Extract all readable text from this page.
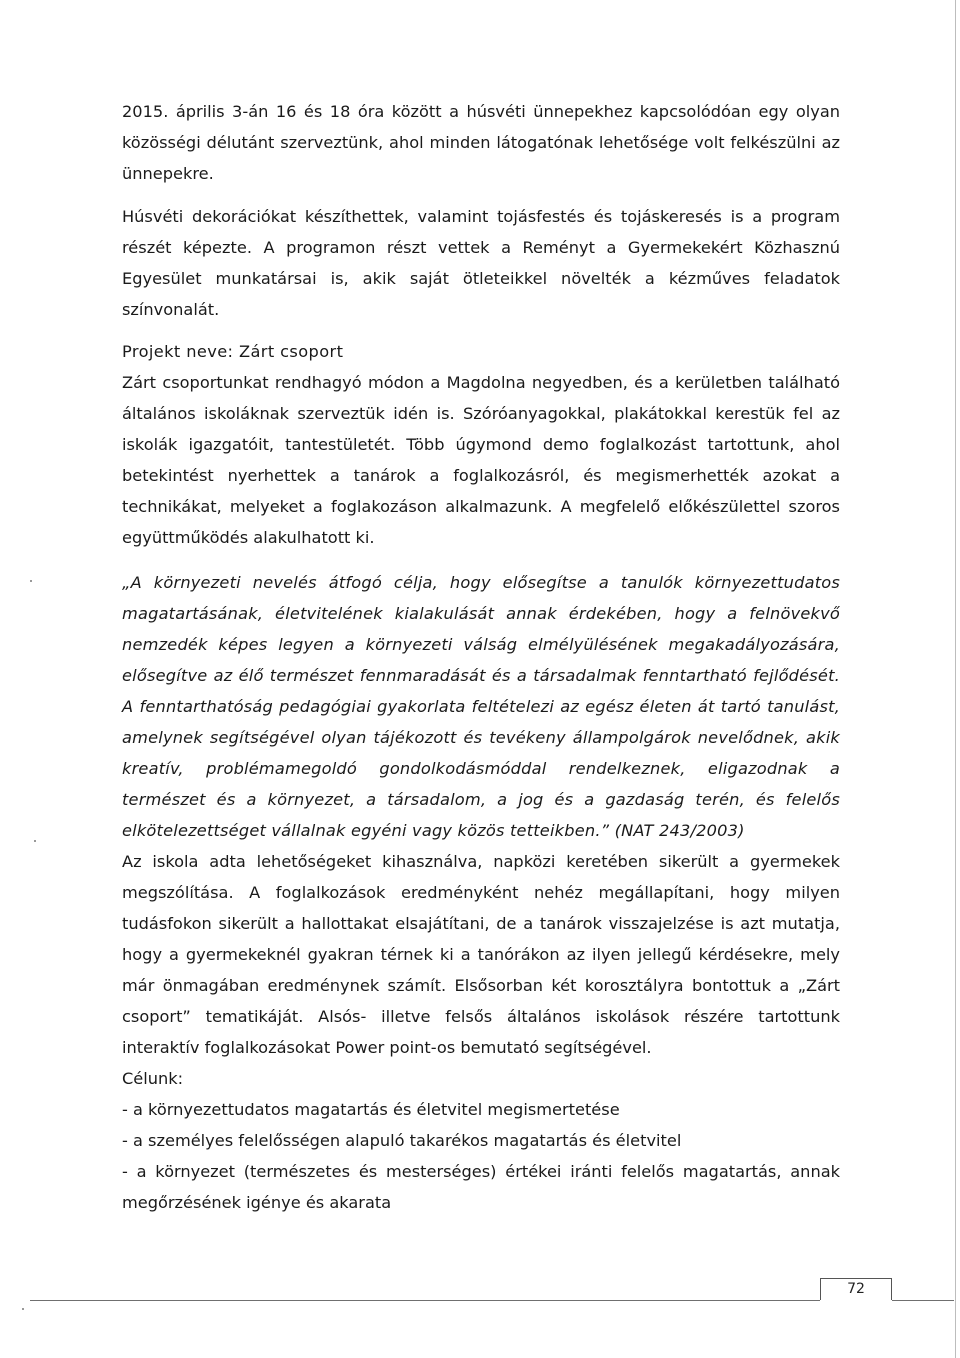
2015. április 3-án 16 és 18 óra között a húsvéti ünnepekhez kapcsolódóan egy olyan közösségi délutánt szerveztünk, ahol minden látogatónak lehetősége volt felkészülni az ünnepekre.

Húsvéti dekorációkat készíthettek, valamint tojásfestés és tojáskeresés is a program részét képezte. A programon részt vettek a Reményt a Gyermekekért Közhasznú Egyesület munkatársai is, akik saját ötleteikkel növelték a kézműves feladatok színvonalát.

Projekt neve: Zárt csoport

Zárt csoportunkat rendhagyó módon a Magdolna negyedben, és a kerületben található általános iskoláknak szerveztük idén is. Szóróanyagokkal, plakátokkal kerestük fel az iskolák igazgatóit, tantestületét. Több úgymond demo foglalkozást tartottunk, ahol betekintést nyerhettek a tanárok a foglalkozásról, és megismerhették azokat a technikákat, melyeket a foglakozáson alkalmazunk. A megfelelő előkészülettel szoros együttműködés alakulhatott ki.

„A környezeti nevelés átfogó célja, hogy elősegítse a tanulók környezettudatos magatartásának, életvitelének kialakulását annak érdekében, hogy a felnövekvő nemzedék képes legyen a környezeti válság elmélyülésének megakadályozására, elősegítve az élő természet fennmaradását és a társadalmak fenntartható fejlődését. A fenntarthatóság pedagógiai gyakorlata feltételezi az egész életen át tartó tanulást, amelynek segítségével olyan tájékozott és tevékeny állampolgárok nevelődnek, akik kreatív, problémamegoldó gondolkodásmóddal rendelkeznek, eligazodnak a természet és a környezet, a társadalom, a jog és a gazdaság terén, és felelős elkötelezettséget vállalnak egyéni vagy közös tetteikben.” (NAT 243/2003)

Az iskola adta lehetőségeket kihasználva, napközi keretében sikerült a gyermekek megszólítása. A foglalkozások eredményként nehéz megállapítani, hogy milyen tudásfokon sikerült a hallottakat elsajátítani, de a tanárok visszajelzése is azt mutatja, hogy a gyermekeknél gyakran térnek ki a tanórákon az ilyen jellegű kérdésekre, mely már önmagában eredménynek számít. Elsősorban két korosztályra bontottuk a „Zárt csoport” tematikáját. Alsós- illetve felsős általános iskolások részére tartottunk interaktív foglalkozásokat Power point-os bemutató segítségével.

Célunk:

- a környezettudatos magatartás és életvitel megismertetése
- a személyes felelősségen alapuló takarékos magatartás és életvitel
- a környezet (természetes és mesterséges) értékei iránti felelős magatartás, annak megőrzésének igénye és akarata
72
